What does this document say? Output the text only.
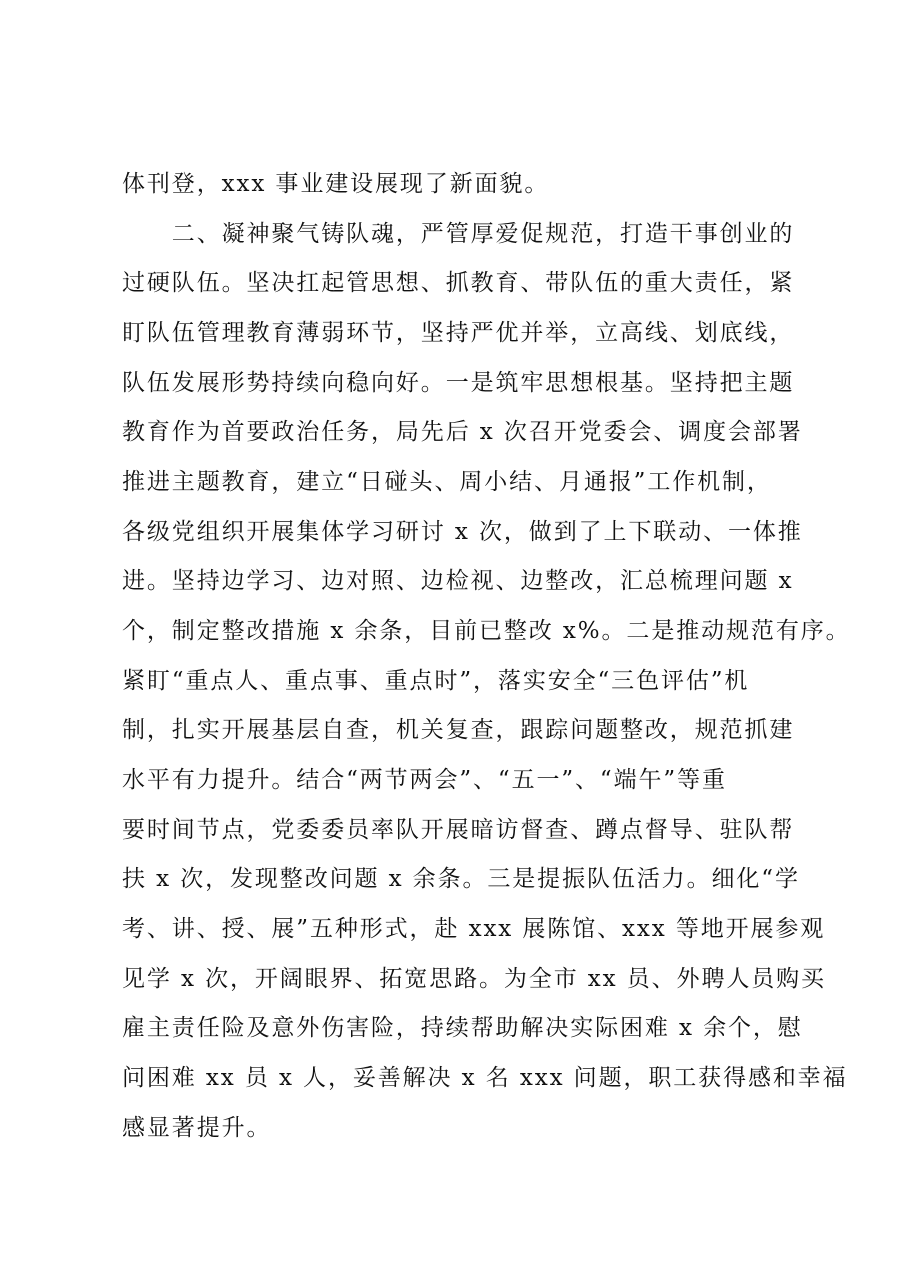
体刊登，xxx 事业建设展现了新面貌。
　　二、凝神聚气铸队魂，严管厚爱促规范，打造干事创业的
过硬队伍。坚决扛起管思想、抓教育、带队伍的重大责任，紧
盯队伍管理教育薄弱环节，坚持严优并举，立高线、划底线，
队伍发展形势持续向稳向好。一是筑牢思想根基。坚持把主题
教育作为首要政治任务，局先后 x 次召开党委会、调度会部署
推进主题教育，建立“日碰头、周小结、月通报”工作机制，
各级党组织开展集体学习研讨 x 次，做到了上下联动、一体推
进。坚持边学习、边对照、边检视、边整改，汇总梳理问题 x
个，制定整改措施 x 余条，目前已整改 x%。二是推动规范有序。
紧盯“重点人、重点事、重点时”，落实安全“三色评估”机
制，扎实开展基层自查，机关复查，跟踪问题整改，规范抓建
水平有力提升。结合“两节两会”、“五一”、“端午”等重
要时间节点，党委委员率队开展暗访督查、蹲点督导、驻队帮
扶 x 次，发现整改问题 x 余条。三是提振队伍活力。细化“学
考、讲、授、展”五种形式，赴 xxx 展陈馆、xxx 等地开展参观
见学 x 次，开阔眼界、拓宽思路。为全市 xx 员、外聘人员购买
雇主责任险及意外伤害险，持续帮助解决实际困难 x 余个，慰
问困难 xx 员 x 人，妥善解决 x 名 xxx 问题，职工获得感和幸福
感显著提升。
